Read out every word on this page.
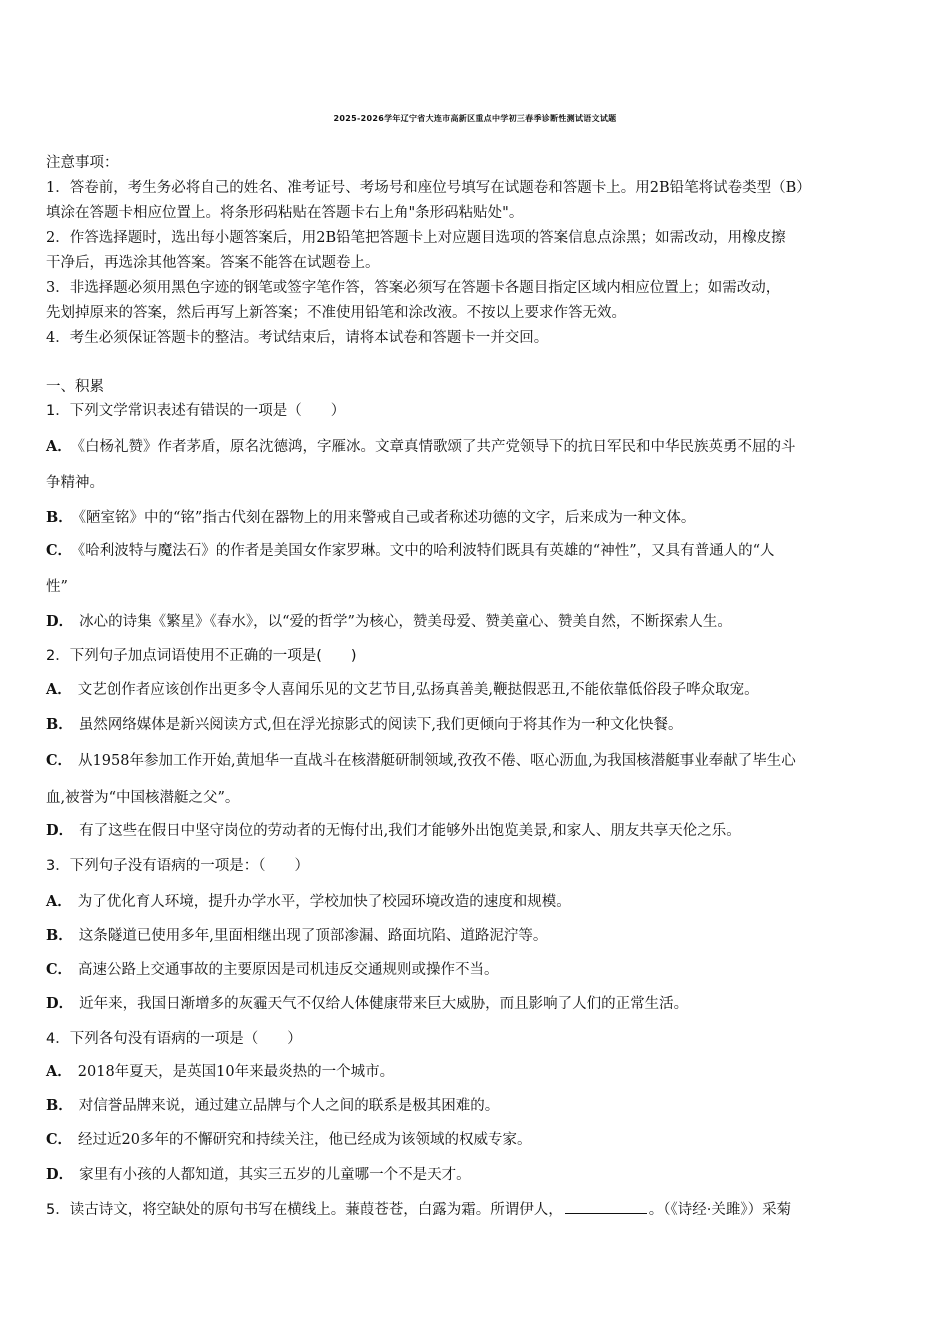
2025-2026学年辽宁省大连市高新区重点中学初三春季诊断性测试语文试题
注意事项：
1．答卷前，考生务必将自己的姓名、准考证号、考场号和座位号填写在试题卷和答题卡上。用2B铅笔将试卷类型（B）
填涂在答题卡相应位置上。将条形码粘贴在答题卡右上角"条形码粘贴处"。
2．作答选择题时，选出每小题答案后，用2B铅笔把答题卡上对应题目选项的答案信息点涂黑；如需改动，用橡皮擦
干净后，再选涂其他答案。答案不能答在试题卷上。
3．非选择题必须用黑色字迹的钢笔或签字笔作答，答案必须写在答题卡各题目指定区域内相应位置上；如需改动，
先划掉原来的答案，然后再写上新答案；不准使用铅笔和涂改液。不按以上要求作答无效。
4．考生必须保证答题卡的整洁。考试结束后，请将本试卷和答题卡一并交回。
一、积累
1．下列文学常识表述有错误的一项是（　　）
A． 《白杨礼赞》作者茅盾，原名沈德鸿，字雁冰。文章真情歌颂了共产党领导下的抗日军民和中华民族英勇不屈的斗
争精神。
B． 《陋室铭》中的“铭”指古代刻在器物上的用来警戒自己或者称述功德的文字，后来成为一种文体。
C． 《哈利波特与魔法石》的作者是美国女作家罗琳。文中的哈利波特们既具有英雄的“神性”，又具有普通人的“人
性”
D． 冰心的诗集《繁星》《春水》，以“爱的哲学”为核心，赞美母爱、赞美童心、赞美自然，不断探索人生。
2．下列句子加点词语使用不正确的一项是(　　)
A． 文艺创作者应该创作出更多令人喜闻乐见的文艺节目,弘扬真善美,鞭挞假恶丑,不能依靠低俗段子哗众取宠。
B． 虽然网络媒体是新兴阅读方式,但在浮光掠影式的阅读下,我们更倾向于将其作为一种文化快餐。
C． 从1958年参加工作开始,黄旭华一直战斗在核潜艇研制领域,孜孜不倦、呕心沥血,为我国核潜艇事业奉献了毕生心
血,被誉为“中国核潜艇之父”。
D． 有了这些在假日中坚守岗位的劳动者的无悔付出,我们才能够外出饱览美景,和家人、朋友共享天伦之乐。
3．下列句子没有语病的一项是：（　　）
A． 为了优化育人环境，提升办学水平，学校加快了校园环境改造的速度和规模。
B． 这条隧道已使用多年,里面相继出现了顶部渗漏、路面坑陷、道路泥泞等。
C． 高速公路上交通事故的主要原因是司机违反交通规则或操作不当。
D． 近年来，我国日渐增多的灰霾天气不仅给人体健康带来巨大威胁，而且影响了人们的正常生活。
4．下列各句没有语病的一项是（　　）
A． 2018年夏天，是英国10年来最炎热的一个城市。
B． 对信誉品牌来说，通过建立品牌与个人之间的联系是极其困难的。
C． 经过近20多年的不懈研究和持续关注，他已经成为该领域的权威专家。
D． 家里有小孩的人都知道，其实三五岁的儿童哪一个不是天才。
5．读古诗文，将空缺处的原句书写在横线上。蒹葭苍苍，白露为霜。所谓伊人，	。（《诗经·关雎》）采菊
